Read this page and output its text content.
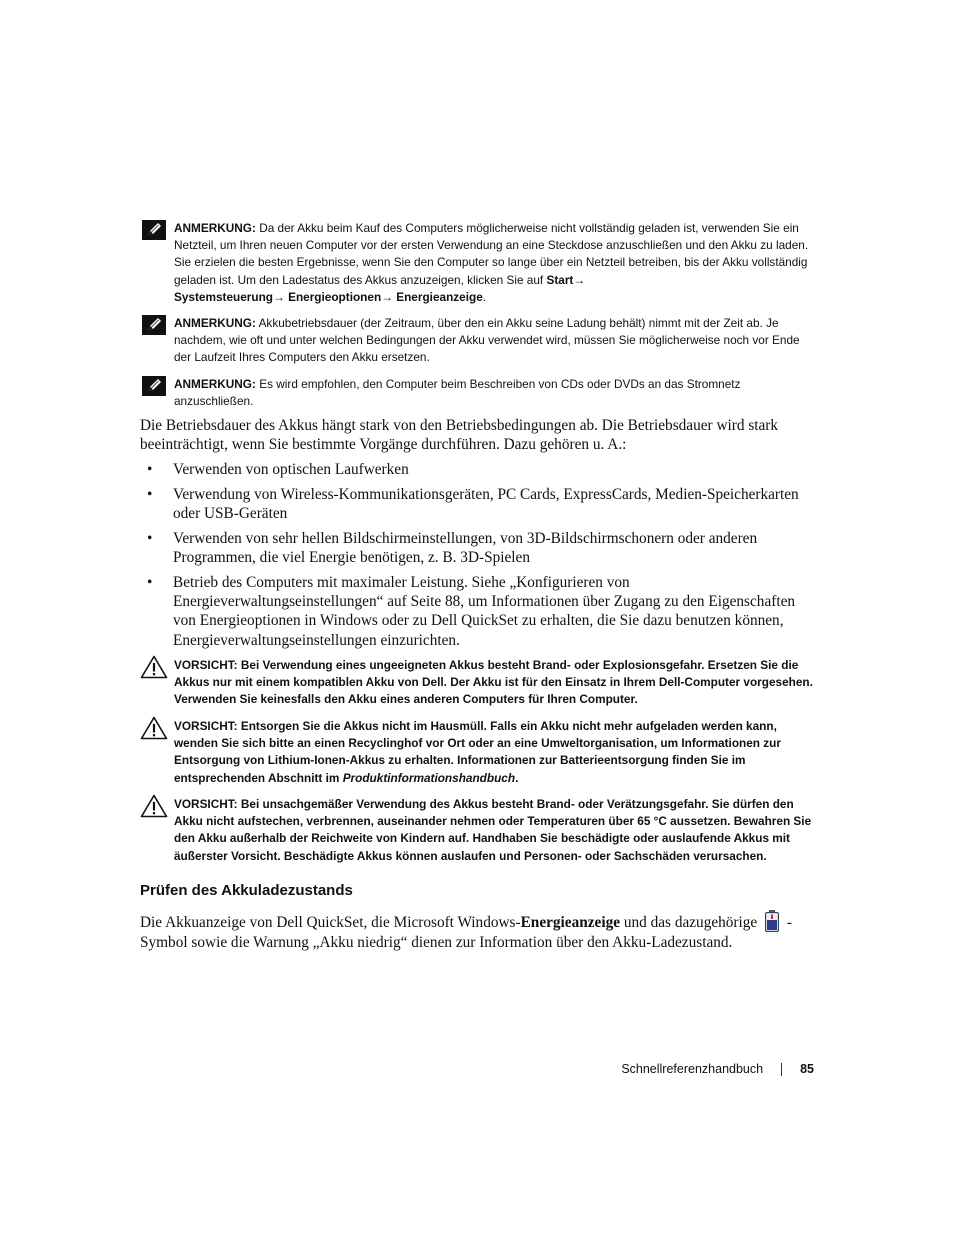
ANMERKUNG: Da der Akku beim Kauf des Computers möglicherweise nicht vollständig geladen ist, verwenden Sie ein Netzteil, um Ihren neuen Computer vor der ersten Verwendung an eine Steckdose anzuschließen und den Akku zu laden. Sie erzielen die besten Ergebnisse, wenn Sie den Computer so lange über ein Netzteil betreiben, bis der Akku vollständig geladen ist. Um den Ladestatus des Akkus anzuzeigen, klicken Sie auf Start→
Systemsteuerung→ Energieoptionen→ Energieanzeige.
ANMERKUNG: Akkubetriebsdauer (der Zeitraum, über den ein Akku seine Ladung behält) nimmt mit der Zeit ab. Je nachdem, wie oft und unter welchen Bedingungen der Akku verwendet wird, müssen Sie möglicherweise noch vor Ende der Laufzeit Ihres Computers den Akku ersetzen.
ANMERKUNG: Es wird empfohlen, den Computer beim Beschreiben von CDs oder DVDs an das Stromnetz anzuschließen.
Die Betriebsdauer des Akkus hängt stark von den Betriebsbedingungen ab. Die Betriebsdauer wird stark beeinträchtigt, wenn Sie bestimmte Vorgänge durchführen. Dazu gehören u. A.:
• Verwenden von optischen Laufwerken
• Verwendung von Wireless-Kommunikationsgeräten, PC Cards, ExpressCards, Medien-Speicherkarten oder USB-Geräten
• Verwenden von sehr hellen Bildschirmeinstellungen, von 3D-Bildschirmschonern oder anderen Programmen, die viel Energie benötigen, z. B. 3D-Spielen
• Betrieb des Computers mit maximaler Leistung. Siehe „Konfigurieren von Energieverwaltungseinstellungen“ auf Seite 88, um Informationen über Zugang zu den Eigenschaften von Energieoptionen in Windows oder zu Dell QuickSet zu erhalten, die Sie dazu benutzen können, Energieverwaltungseinstellungen einzurichten.
VORSICHT: Bei Verwendung eines ungeeigneten Akkus besteht Brand- oder Explosionsgefahr. Ersetzen Sie die Akkus nur mit einem kompatiblen Akku von Dell. Der Akku ist für den Einsatz in Ihrem Dell-Computer vorgesehen. Verwenden Sie keinesfalls den Akku eines anderen Computers für Ihren Computer.
VORSICHT: Entsorgen Sie die Akkus nicht im Hausmüll. Falls ein Akku nicht mehr aufgeladen werden kann, wenden Sie sich bitte an einen Recyclinghof vor Ort oder an eine Umweltorganisation, um Informationen zur Entsorgung von Lithium-Ionen-Akkus zu erhalten. Informationen zur Batterieentsorgung finden Sie im entsprechenden Abschnitt im Produktinformationshandbuch.
VORSICHT: Bei unsachgemäßer Verwendung des Akkus besteht Brand- oder Verätzungsgefahr. Sie dürfen den Akku nicht aufstechen, verbrennen, auseinander nehmen oder Temperaturen über 65 °C aussetzen. Bewahren Sie den Akku außerhalb der Reichweite von Kindern auf. Handhaben Sie beschädigte oder auslaufende Akkus mit äußerster Vorsicht. Beschädigte Akkus können auslaufen und Personen- oder Sachschäden verursachen.
Prüfen des Akkuladezustands
Die Akkuanzeige von Dell QuickSet, die Microsoft Windows-Energieanzeige und das dazugehörige  -Symbol sowie die Warnung „Akku niedrig“ dienen zur Information über den Akku-Ladezustand.
Schnellreferenzhandbuch	85
